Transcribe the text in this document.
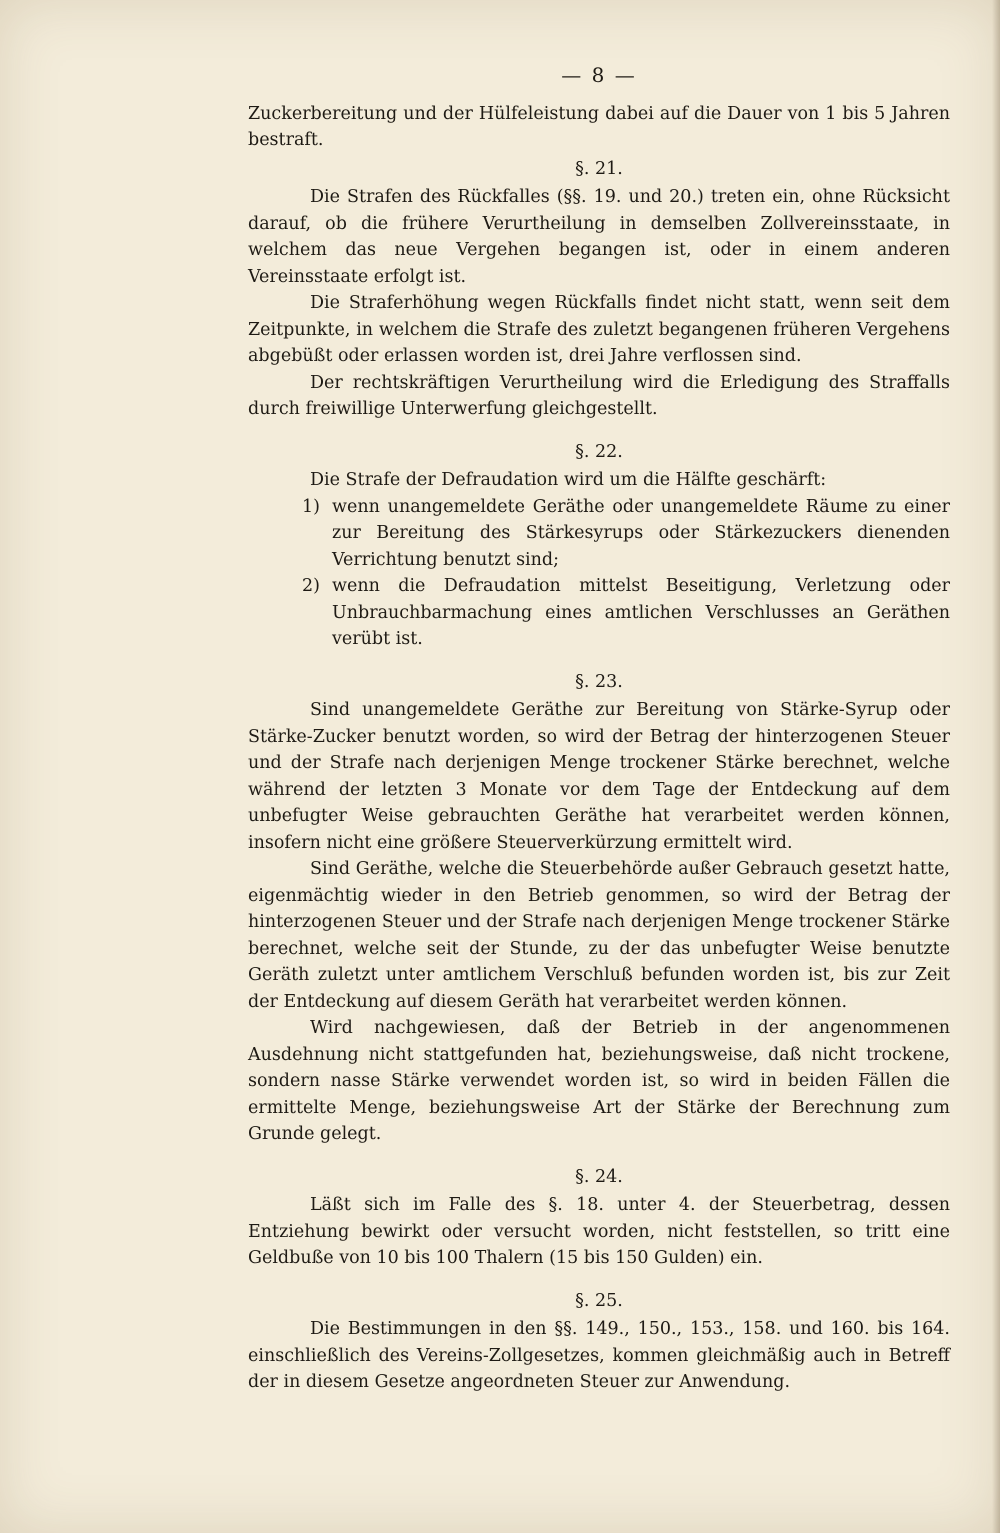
— 8 —

Zuckerbereitung und der Hülfeleistung dabei auf die Dauer von 1 bis 5 Jahren bestraft.

§. 21.

Die Strafen des Rückfalles (§§. 19. und 20.) treten ein, ohne Rücksicht darauf, ob die frühere Verurtheilung in demselben Zollvereinsstaate, in welchem das neue Vergehen begangen ist, oder in einem anderen Vereinsstaate erfolgt ist.

Die Straferhöhung wegen Rückfalls findet nicht statt, wenn seit dem Zeitpunkte, in welchem die Strafe des zuletzt begangenen früheren Vergehens abgebüßt oder erlassen worden ist, drei Jahre verflossen sind.

Der rechtskräftigen Verurtheilung wird die Erledigung des Straffalls durch freiwillige Unterwerfung gleichgestellt.

§. 22.

Die Strafe der Defraudation wird um die Hälfte geschärft:

1) wenn unangemeldete Geräthe oder unangemeldete Räume zu einer zur Bereitung des Stärkesyrups oder Stärkezuckers dienenden Verrichtung benutzt sind;
2) wenn die Defraudation mittelst Beseitigung, Verletzung oder Unbrauchbarmachung eines amtlichen Verschlusses an Geräthen verübt ist.
§. 23.

Sind unangemeldete Geräthe zur Bereitung von Stärke-Syrup oder Stärke-Zucker benutzt worden, so wird der Betrag der hinterzogenen Steuer und der Strafe nach derjenigen Menge trockener Stärke berechnet, welche während der letzten 3 Monate vor dem Tage der Entdeckung auf dem unbefugter Weise gebrauchten Geräthe hat verarbeitet werden können, insofern nicht eine größere Steuerverkürzung ermittelt wird.

Sind Geräthe, welche die Steuerbehörde außer Gebrauch gesetzt hatte, eigenmächtig wieder in den Betrieb genommen, so wird der Betrag der hinterzogenen Steuer und der Strafe nach derjenigen Menge trockener Stärke berechnet, welche seit der Stunde, zu der das unbefugter Weise benutzte Geräth zuletzt unter amtlichem Verschluß befunden worden ist, bis zur Zeit der Entdeckung auf diesem Geräth hat verarbeitet werden können.

Wird nachgewiesen, daß der Betrieb in der angenommenen Ausdehnung nicht stattgefunden hat, beziehungsweise, daß nicht trockene, sondern nasse Stärke verwendet worden ist, so wird in beiden Fällen die ermittelte Menge, beziehungsweise Art der Stärke der Berechnung zum Grunde gelegt.

§. 24.

Läßt sich im Falle des §. 18. unter 4. der Steuerbetrag, dessen Entziehung bewirkt oder versucht worden, nicht feststellen, so tritt eine Geldbuße von 10 bis 100 Thalern (15 bis 150 Gulden) ein.

§. 25.

Die Bestimmungen in den §§. 149., 150., 153., 158. und 160. bis 164. einschließlich des Vereins-Zollgesetzes, kommen gleichmäßig auch in Betreff der in diesem Gesetze angeordneten Steuer zur Anwendung.
